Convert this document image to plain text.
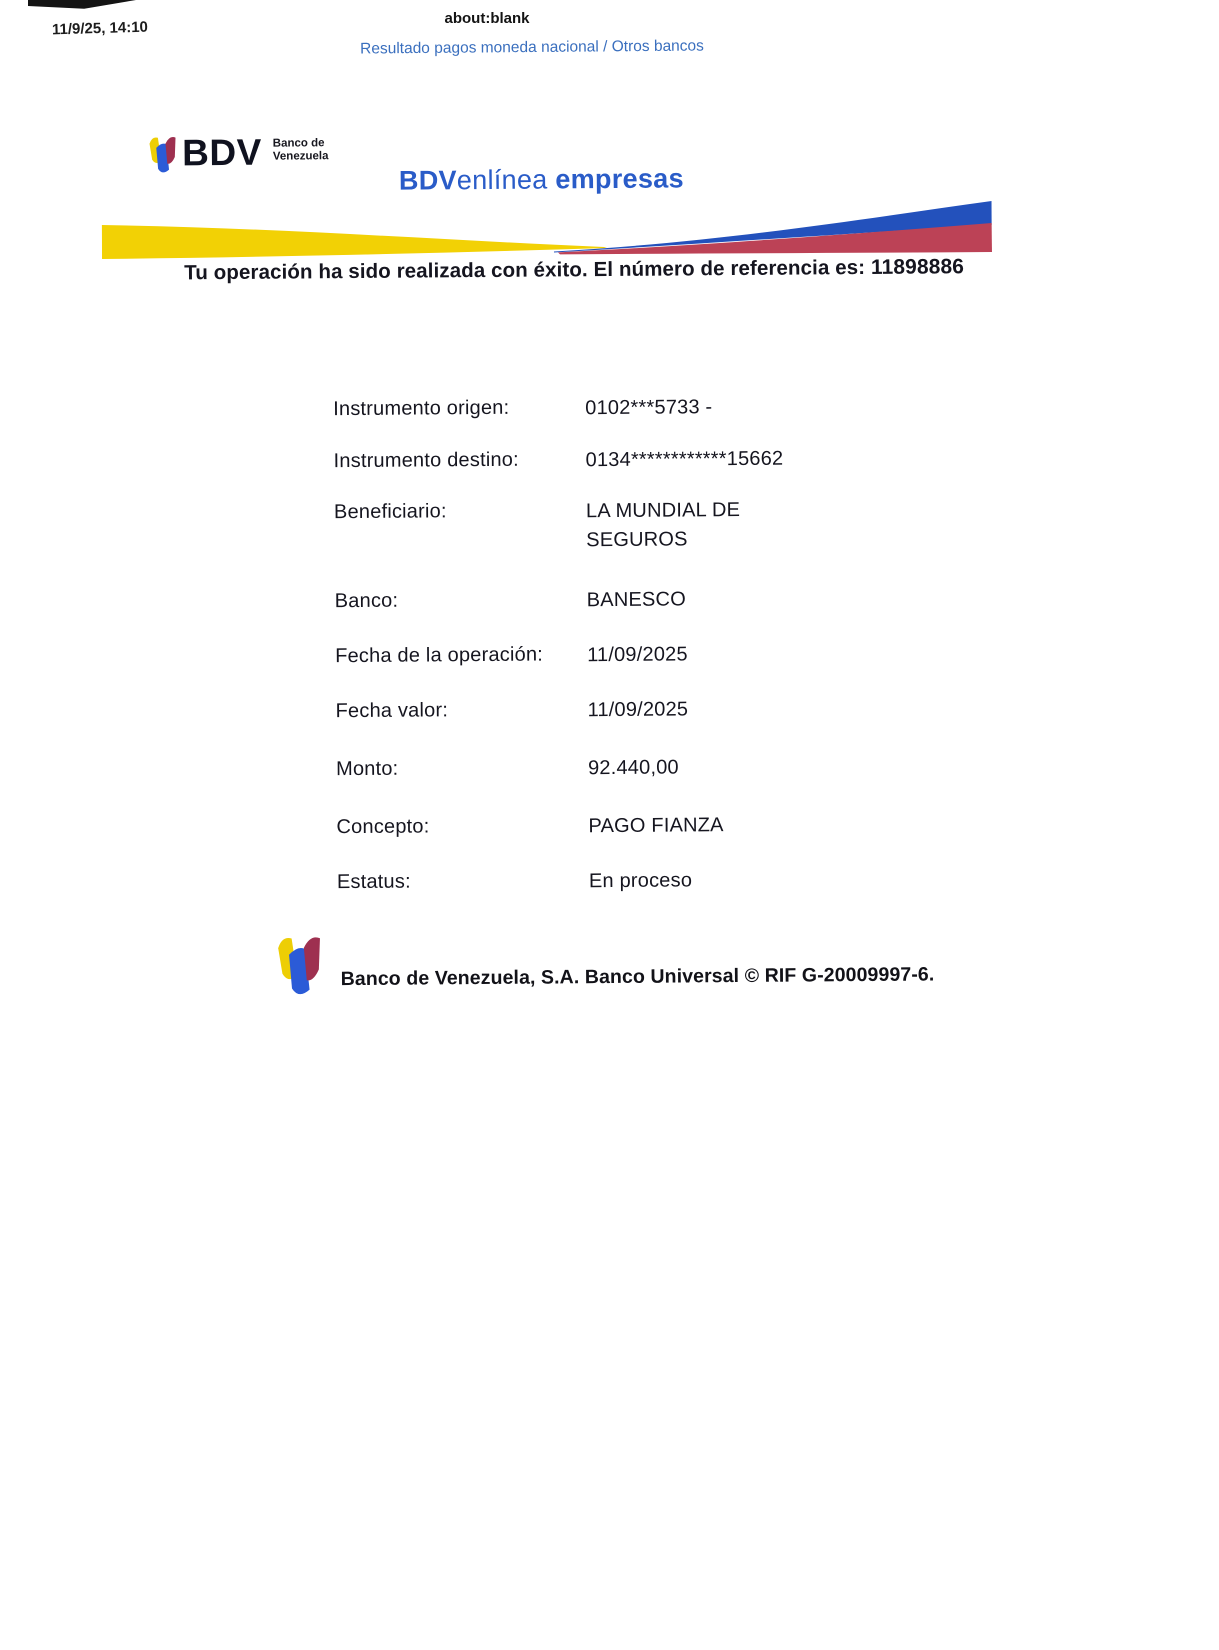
11/9/25, 14:10
about:blank
Resultado pagos moneda nacional / Otros bancos
BDV Banco de
Venezuela
BDVenlínea empresas
Tu operación ha sido realizada con éxito. El número de referencia es: 11898886
Instrumento origen:	0102***5733 -
Instrumento destino:	0134************15662
Beneficiario:	LA MUNDIAL DE SEGUROS
Banco:	BANESCO
Fecha de la operación:	11/09/2025
Fecha valor:	11/09/2025
Monto:	92.440,00
Concepto:	PAGO FIANZA
Estatus:	En proceso
Banco de Venezuela, S.A. Banco Universal © RIF G-20009997-6.
